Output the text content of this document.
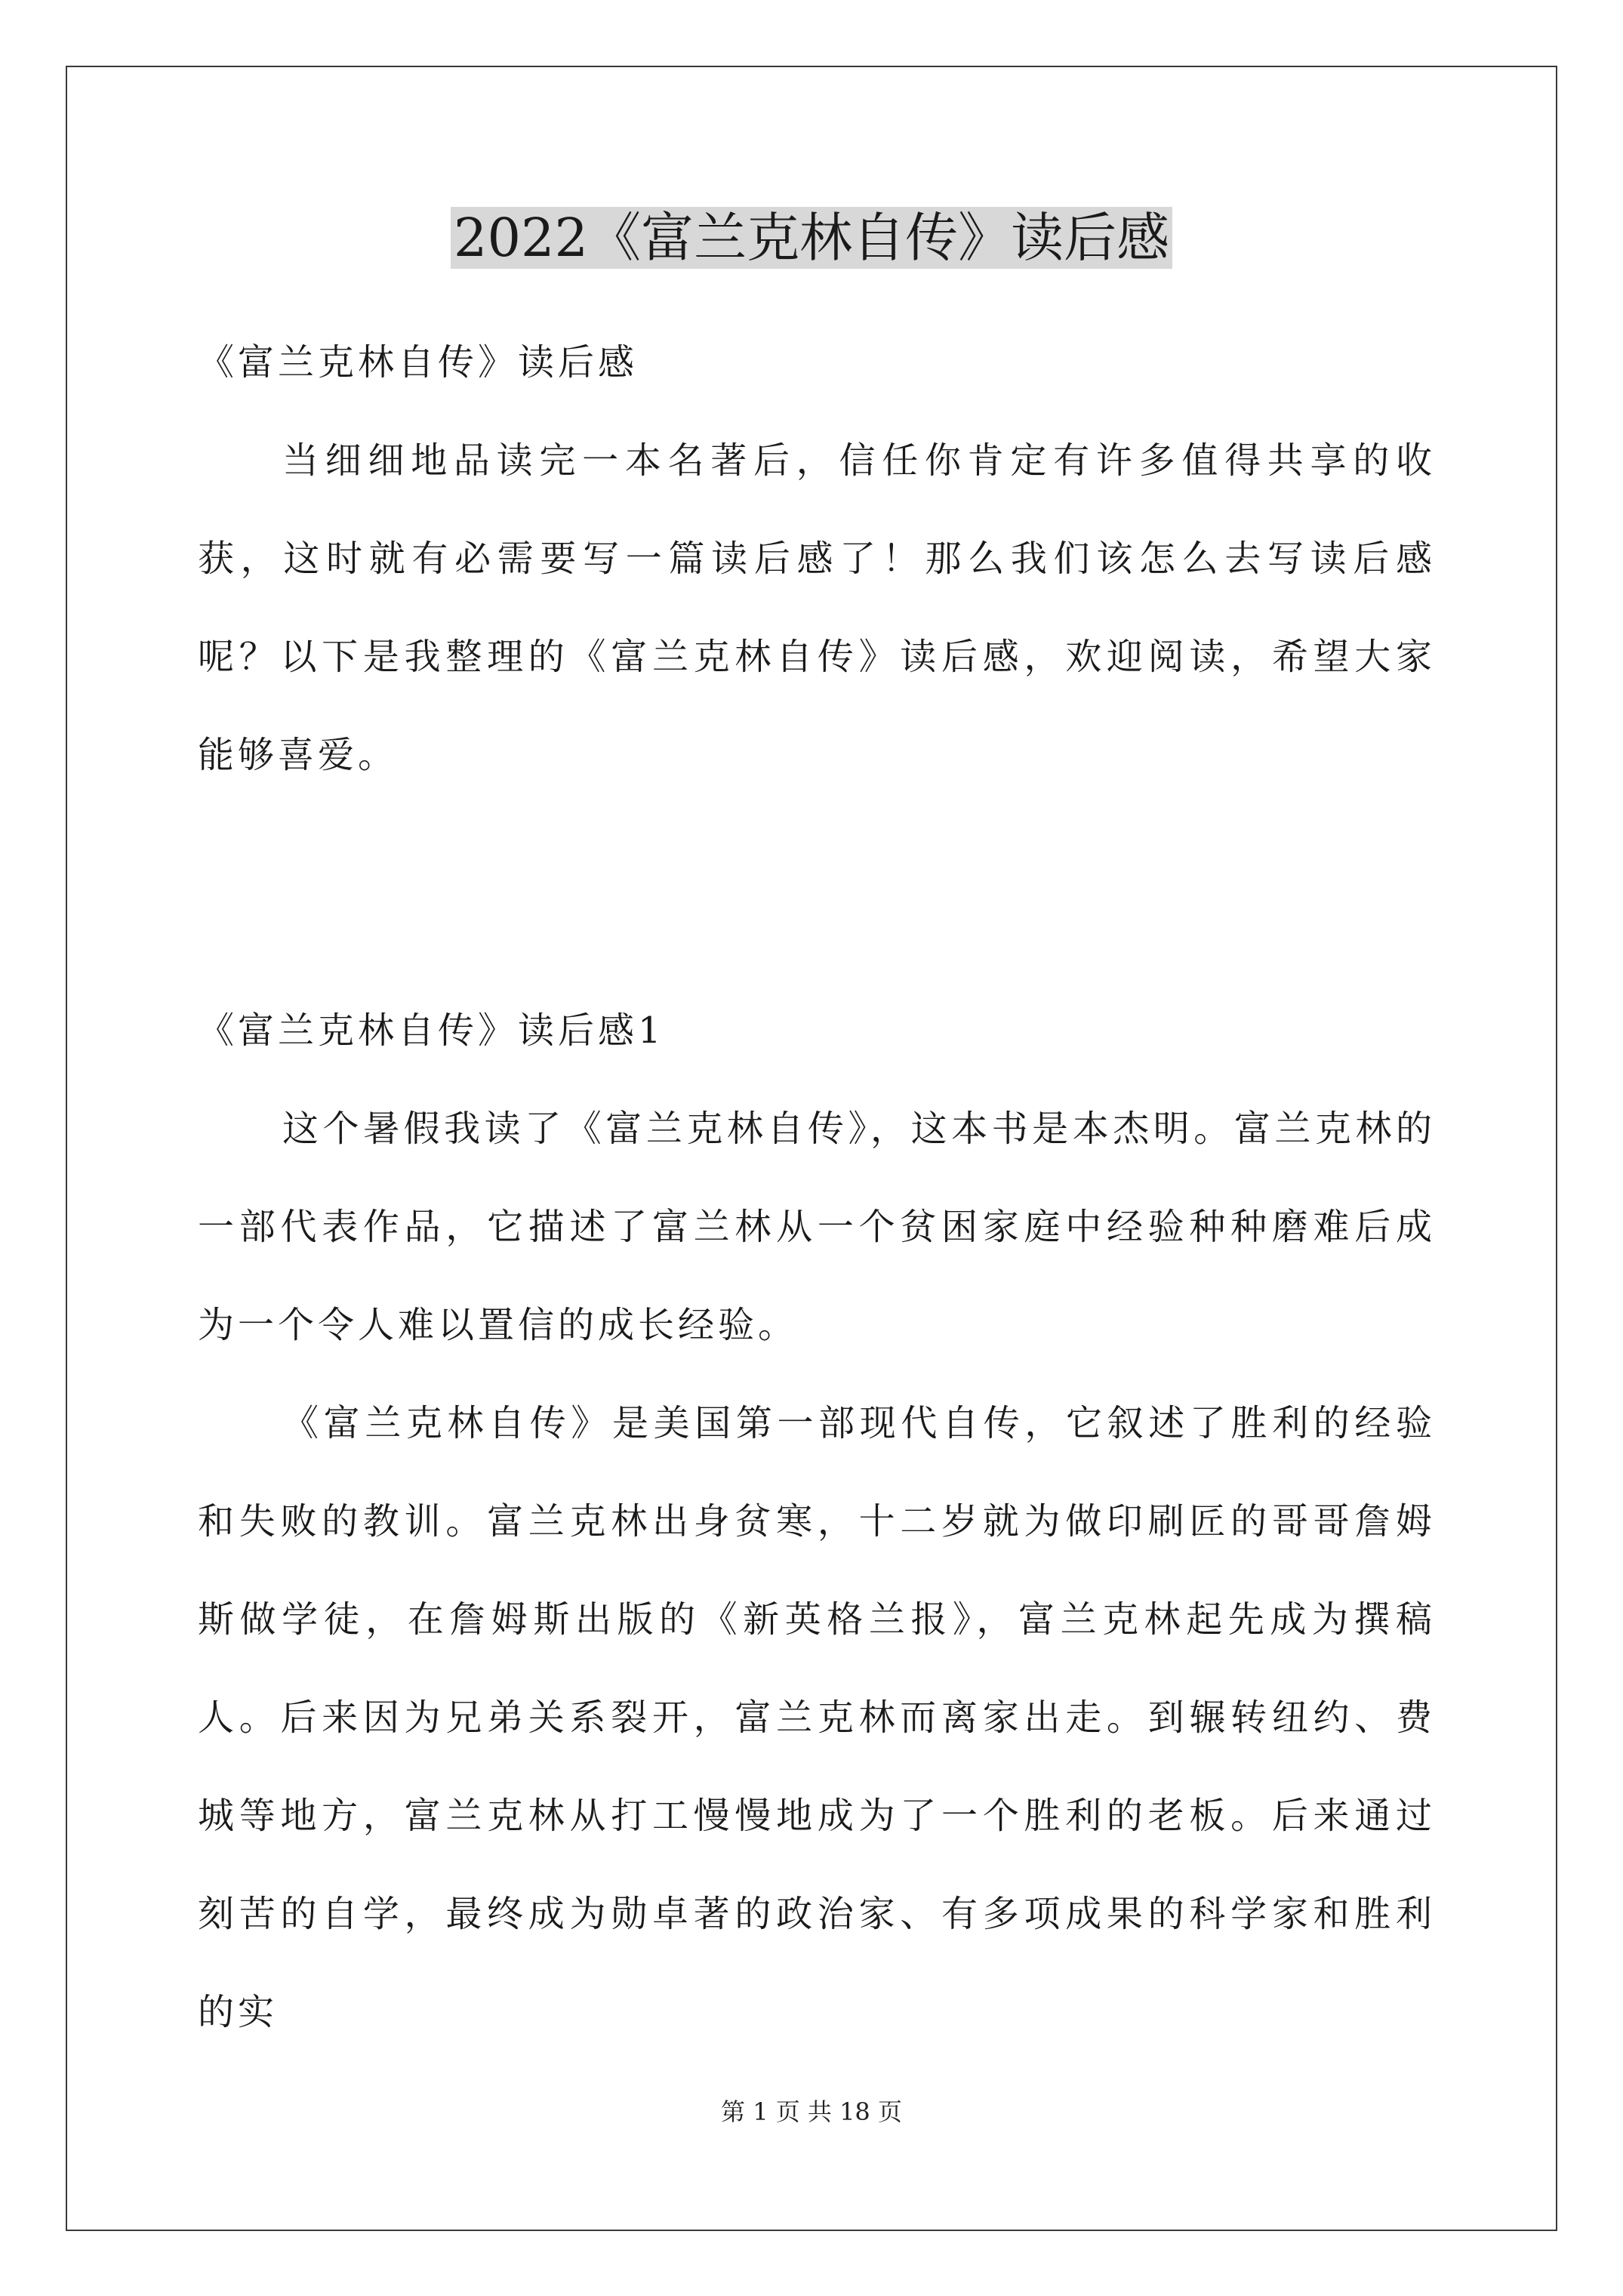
2022《富兰克林自传》读后感
《富兰克林自传》读后感

当细细地品读完一本名著后，信任你肯定有许多值得共享的收获，这时就有必需要写一篇读后感了！那么我们该怎么去写读后感呢？以下是我整理的《富兰克林自传》读后感，欢迎阅读，希望大家能够喜爱。

《富兰克林自传》读后感1

这个暑假我读了《富兰克林自传》，这本书是本杰明。富兰克林的一部代表作品，它描述了富兰林从一个贫困家庭中经验种种磨难后成为一个令人难以置信的成长经验。

《富兰克林自传》是美国第一部现代自传，它叙述了胜利的经验和失败的教训。富兰克林出身贫寒，十二岁就为做印刷匠的哥哥詹姆斯做学徒，在詹姆斯出版的《新英格兰报》，富兰克林起先成为撰稿人。后来因为兄弟关系裂开，富兰克林而离家出走。到辗转纽约、费城等地方，富兰克林从打工慢慢地成为了一个胜利的老板。后来通过刻苦的自学，最终成为勋卓著的政治家、有多项成果的科学家和胜利的实

第 1 页 共 18 页
